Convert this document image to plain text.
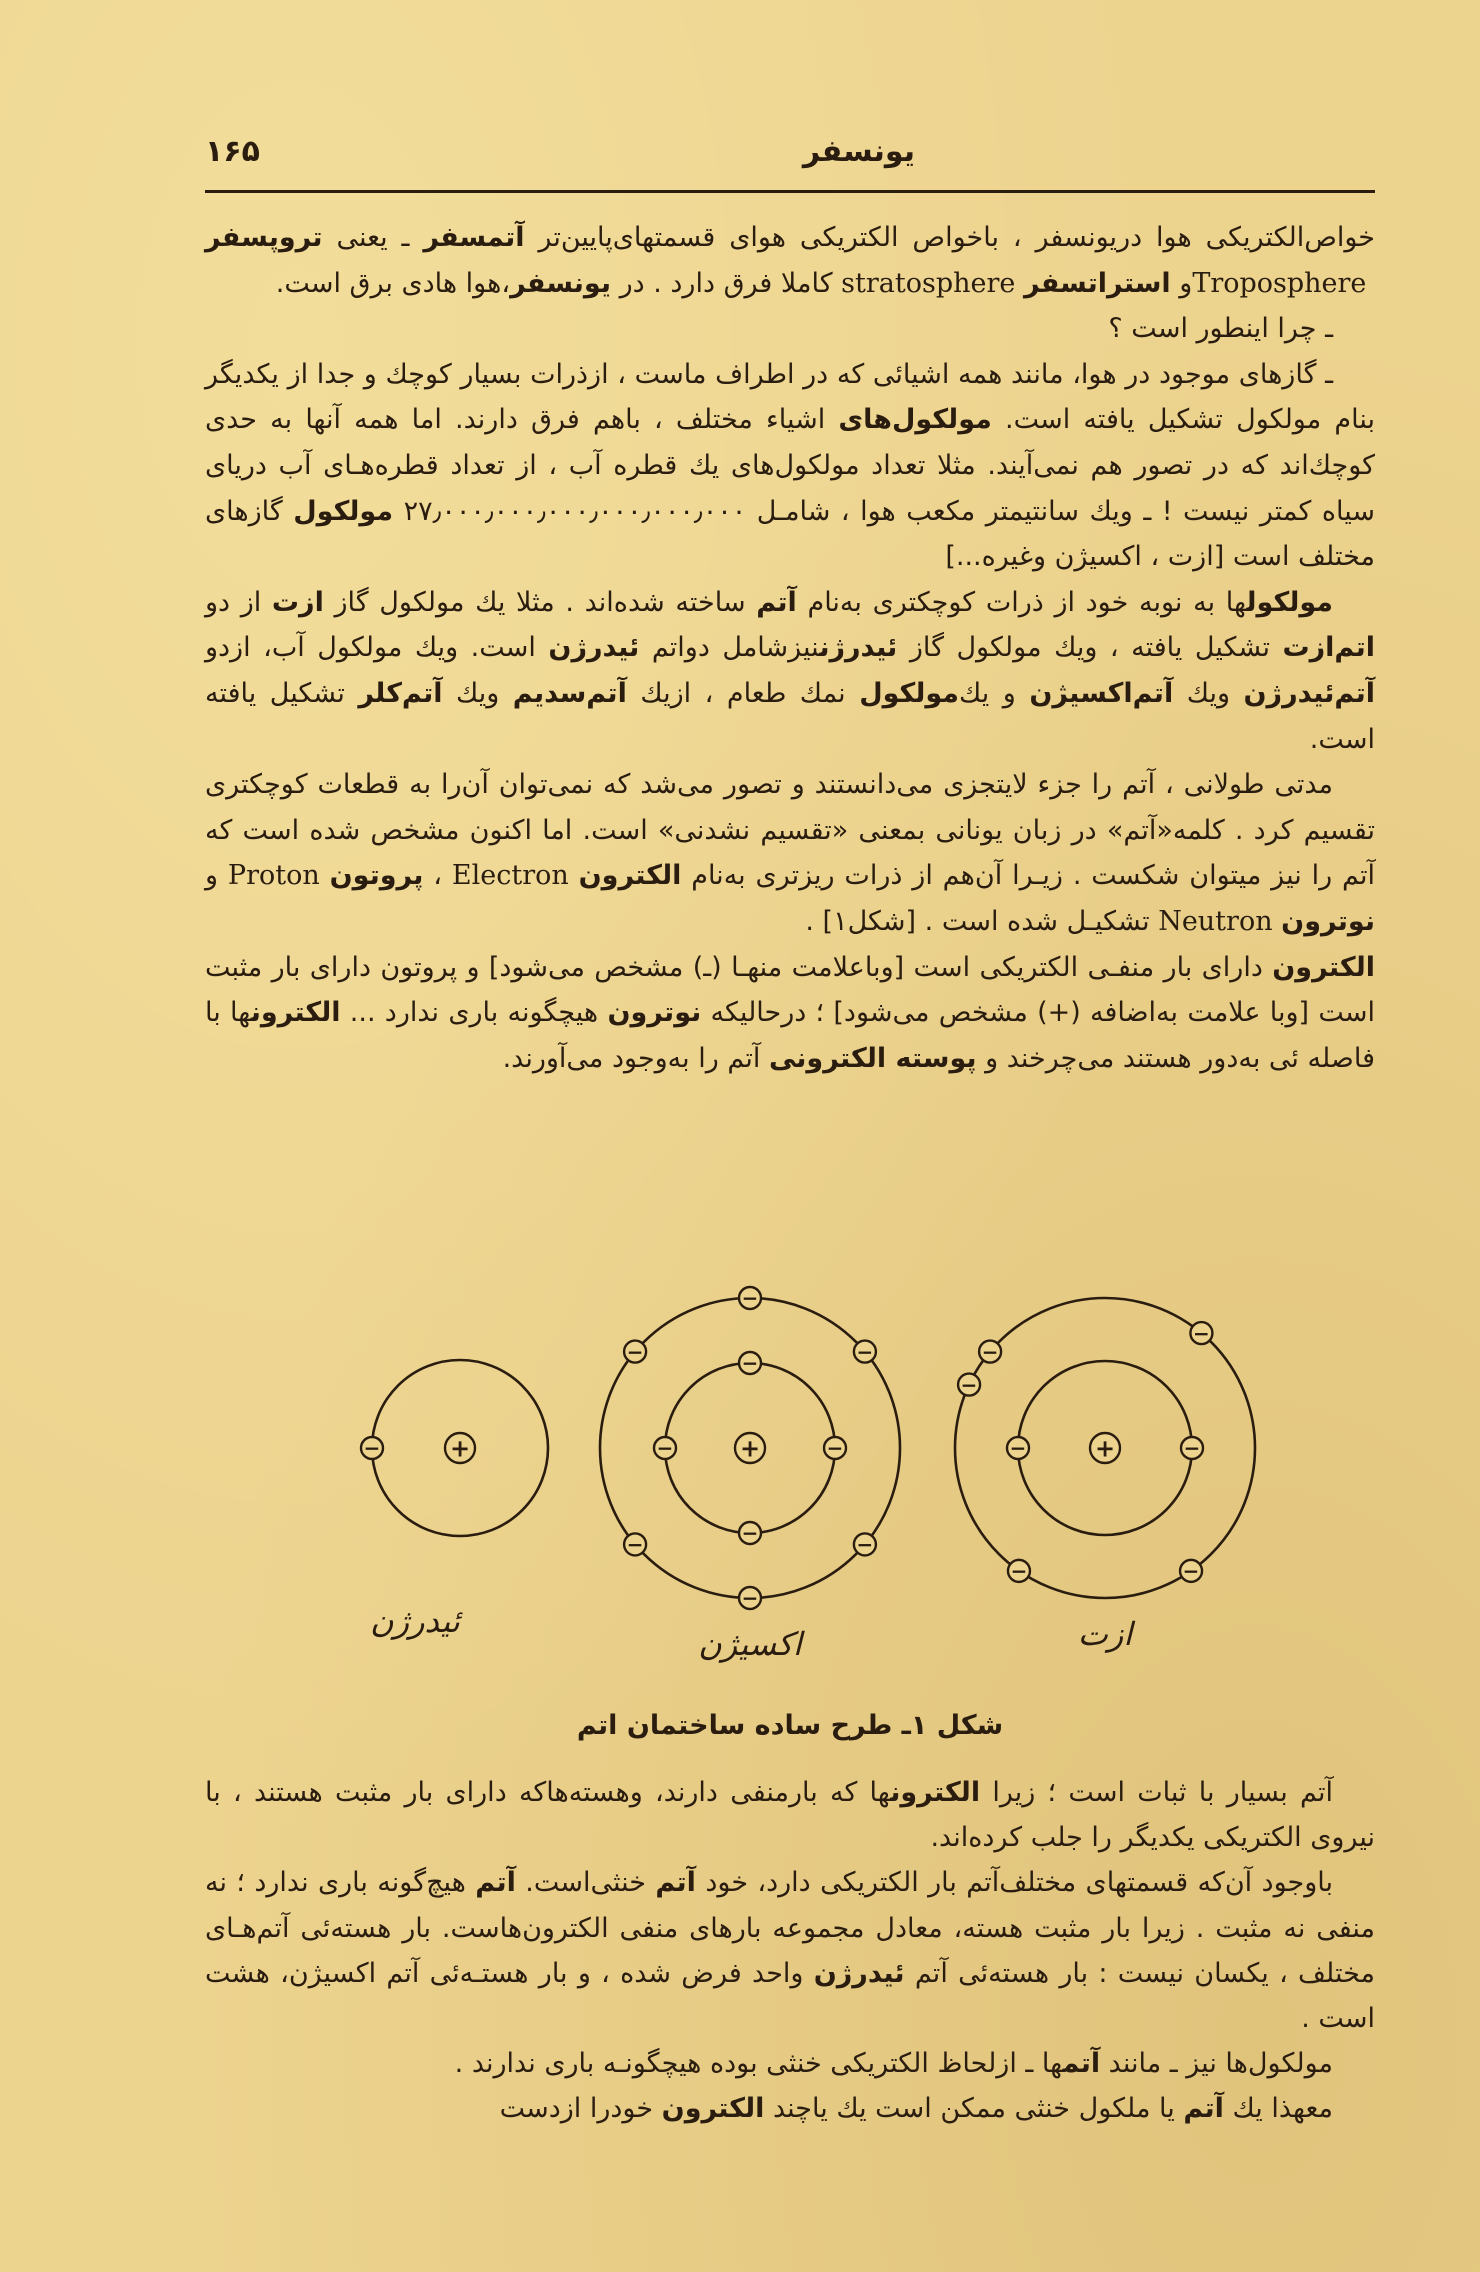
یونسفر
۱۶۵

خواص‌الکتریکی هوا دریونسفر ، باخواص الکتریکی هوای قسمتهای‌پایین‌تر آتمسفر ـ یعنی تروپسفر Troposphere و استراتسفر stratosphere کاملا فرق دارد . در یونسفر،هوا هادی برق است.

ـ چرا اینطور است ؟

ـ گازهای موجود در هوا، مانند همه اشیائی که در اطراف ماست ، ازذرات بسیار کوچك و جدا از یکدیگر بنام مولکول تشکیل یافته است. مولکول‌های اشیاء مختلف ، باهم فرق دارند. اما همه آنها به حدی کوچك‌اند که در تصور هم نمی‌آیند. مثلا تعداد مولکول‌های یك قطره آب ، از تعداد قطره‌هـای آب دریای سیاه کمتر نیست ! ـ ویك سانتیمتر مکعب هوا ، شامـل ۲۷٫۰۰۰٫۰۰۰٫۰۰۰٫۰۰۰٫۰۰۰٫۰۰۰ مولکول گازهای مختلف است [ازت ، اکسیژن وغیره...]

مولکولها به نوبه خود از ذرات کوچکتری به‌نام آتم ساخته شده‌اند . مثلا یك مولکول گاز ازت از دو اتم‌ازت تشکیل یافته ، ویك مولکول گاز ئیدرژننیزشامل دواتم ئیدرژن است. ویك مولکول آب، ازدو آتم‌ئیدرژن ویك آتم‌اکسیژن و یك‌مولکول نمك طعام ، ازیك آتم‌سدیم ویك آتم‌کلر تشکیل یافته است.

مدتی طولانی ، آتم را جزء لایتجزی می‌دانستند و تصور می‌شد که نمی‌توان آن‌را به قطعات کوچکتری تقسیم کرد . کلمه«آتم» در زبان یونانی بمعنی «تقسیم نشدنی» است. اما اکنون مشخص شده است که آتم را نیز میتوان شکست . زیـرا آن‌هم از ذرات ریزتری به‌نام الکترون Electron ، پروتون Proton و نوترون Neutron تشکیـل شده است . [شکل۱] .

الکترون دارای بار منفـی الکتریکی است [وباعلامت منهـا (ـ) مشخص می‌شود] و پروتون دارای بار مثبت است [وبا علامت به‌اضافه (+) مشخص می‌شود] ؛ درحالیکه نوترون هیچگونه باری ندارد ... الکترونها با فاصله ئی به‌دور هستند می‌چرخند و پوسته الکترونی آتم را به‌وجود می‌آورند.

−	+	−
−
−
−
−
−
−	−
−	−
+	−
−
−
−
−
−	−
+
ئیدرژن
اکسیژن	ازت
شکل ۱ـ طرح ساده ساختمان اتم

آتم بسیار با ثبات است ؛ زیرا الکترونها که بارمنفی دارند، وهسته‌هاکه دارای بار مثبت هستند ، با نیروی الکتریکی یکدیگر را جلب کرده‌اند.

باوجود آن‌که قسمتهای مختلف‌آتم بار الکتریکی دارد، خود آتم خنثی‌است. آتم هیچ‌گونه باری ندارد ؛ نه منفی نه مثبت . زیرا بار مثبت هسته، معادل مجموعه بارهای منفی الکترون‌هاست. بار هسته‌ئی آتم‌هـای مختلف ، یکسان نیست : بار هسته‌ئی آتم ئیدرژن واحد فرض شده ، و بار هستـه‌ئی آتم اکسیژن، هشت است .

مولکول‌ها نیز ـ مانند آتمها ـ ازلحاظ الکتریکی خنثی بوده هیچگونـه باری ندارند .

معهذا یك آتم یا ملکول خنثی ممکن است یك یاچند الکترون خودرا ازدست
